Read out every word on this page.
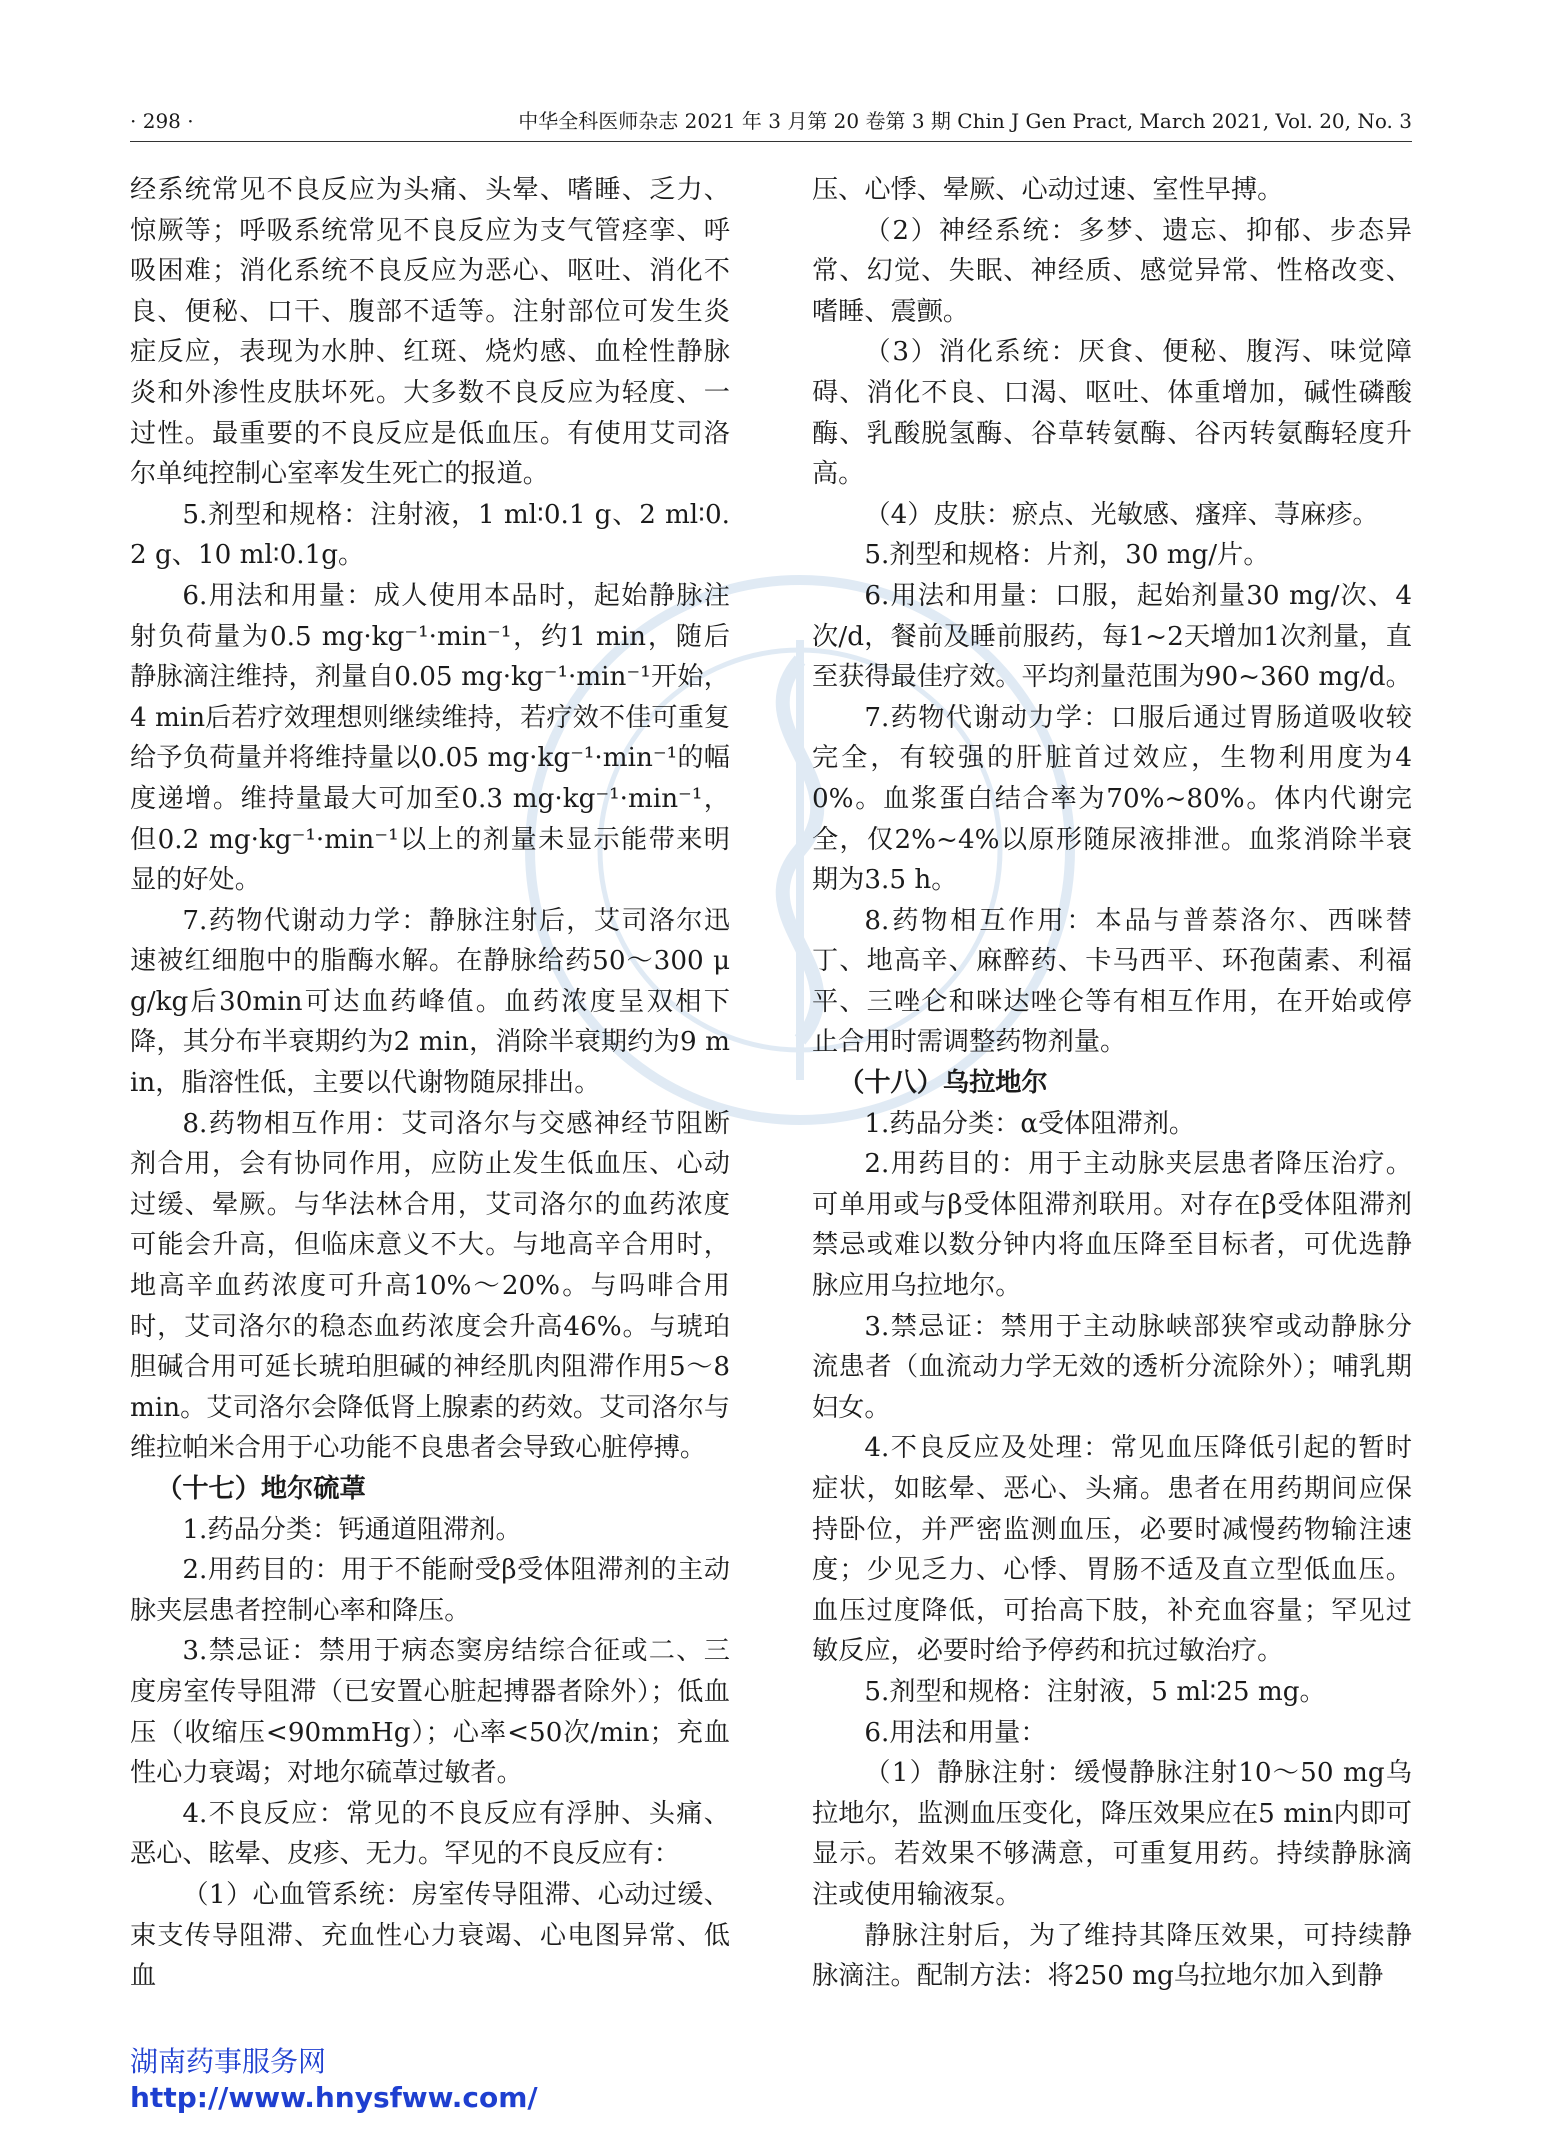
· 298 ·	中华全科医师杂志 2021 年 3 月第 20 卷第 3 期 Chin J Gen Pract, March 2021, Vol. 20, No. 3

经系统常见不良反应为头痛、头晕、嗜睡、乏力、惊厥等；呼吸系统常见不良反应为支气管痉挛、呼吸困难；消化系统不良反应为恶心、呕吐、消化不良、便秘、口干、腹部不适等。注射部位可发生炎症反应，表现为水肿、红斑、烧灼感、血栓性静脉炎和外渗性皮肤坏死。大多数不良反应为轻度、一过性。最重要的不良反应是低血压。有使用艾司洛尔单纯控制心室率发生死亡的报道。

5.剂型和规格：注射液，1 ml∶0.1 g、2 ml∶0.2 g、10 ml∶0.1g。

6.用法和用量：成人使用本品时，起始静脉注射负荷量为0.5 mg·kg⁻¹·min⁻¹，约1 min，随后静脉滴注维持，剂量自0.05 mg·kg⁻¹·min⁻¹开始，4 min后若疗效理想则继续维持，若疗效不佳可重复给予负荷量并将维持量以0.05 mg·kg⁻¹·min⁻¹的幅度递增。维持量最大可加至0.3 mg·kg⁻¹·min⁻¹，但0.2 mg·kg⁻¹·min⁻¹以上的剂量未显示能带来明显的好处。

7.药物代谢动力学：静脉注射后，艾司洛尔迅速被红细胞中的脂酶水解。在静脉给药50～300 μg/kg后30min可达血药峰值。血药浓度呈双相下降，其分布半衰期约为2 min，消除半衰期约为9 min，脂溶性低，主要以代谢物随尿排出。

8.药物相互作用：艾司洛尔与交感神经节阻断剂合用，会有协同作用，应防止发生低血压、心动过缓、晕厥。与华法林合用，艾司洛尔的血药浓度可能会升高，但临床意义不大。与地高辛合用时，地高辛血药浓度可升高10%～20%。与吗啡合用时，艾司洛尔的稳态血药浓度会升高46%。与琥珀胆碱合用可延长琥珀胆碱的神经肌肉阻滞作用5～8 min。艾司洛尔会降低肾上腺素的药效。艾司洛尔与维拉帕米合用于心功能不良患者会导致心脏停搏。

（十七）地尔硫䓬

1.药品分类：钙通道阻滞剂。

2.用药目的：用于不能耐受β受体阻滞剂的主动脉夹层患者控制心率和降压。

3.禁忌证：禁用于病态窦房结综合征或二、三度房室传导阻滞（已安置心脏起搏器者除外）；低血压（收缩压<90mmHg）；心率<50次/min；充血性心力衰竭；对地尔硫䓬过敏者。

4.不良反应：常见的不良反应有浮肿、头痛、恶心、眩晕、皮疹、无力。罕见的不良反应有：

（1）心血管系统：房室传导阻滞、心动过缓、束支传导阻滞、充血性心力衰竭、心电图异常、低血

压、心悸、晕厥、心动过速、室性早搏。

（2）神经系统：多梦、遗忘、抑郁、步态异常、幻觉、失眠、神经质、感觉异常、性格改变、嗜睡、震颤。

（3）消化系统：厌食、便秘、腹泻、味觉障碍、消化不良、口渴、呕吐、体重增加，碱性磷酸酶、乳酸脱氢酶、谷草转氨酶、谷丙转氨酶轻度升高。

（4）皮肤：瘀点、光敏感、瘙痒、荨麻疹。

5.剂型和规格：片剂，30 mg/片。

6.用法和用量：口服，起始剂量30 mg/次、4次/d，餐前及睡前服药，每1~2天增加1次剂量，直至获得最佳疗效。平均剂量范围为90~360 mg/d。

7.药物代谢动力学：口服后通过胃肠道吸收较完全，有较强的肝脏首过效应，生物利用度为40%。血浆蛋白结合率为70%~80%。体内代谢完全，仅2%~4%以原形随尿液排泄。血浆消除半衰期为3.5 h。

8.药物相互作用：本品与普萘洛尔、西咪替丁、地高辛、麻醉药、卡马西平、环孢菌素、利福平、三唑仑和咪达唑仑等有相互作用，在开始或停止合用时需调整药物剂量。

（十八）乌拉地尔

1.药品分类：α受体阻滞剂。

2.用药目的：用于主动脉夹层患者降压治疗。可单用或与β受体阻滞剂联用。对存在β受体阻滞剂禁忌或难以数分钟内将血压降至目标者，可优选静脉应用乌拉地尔。

3.禁忌证：禁用于主动脉峡部狭窄或动静脉分流患者（血流动力学无效的透析分流除外）；哺乳期妇女。

4.不良反应及处理：常见血压降低引起的暂时症状，如眩晕、恶心、头痛。患者在用药期间应保持卧位，并严密监测血压，必要时减慢药物输注速度；少见乏力、心悸、胃肠不适及直立型低血压。血压过度降低，可抬高下肢，补充血容量；罕见过敏反应，必要时给予停药和抗过敏治疗。

5.剂型和规格：注射液，5 ml∶25 mg。

6.用法和用量：

（1）静脉注射：缓慢静脉注射10～50 mg乌拉地尔，监测血压变化，降压效果应在5 min内即可显示。若效果不够满意，可重复用药。持续静脉滴注或使用输液泵。

静脉注射后，为了维持其降压效果，可持续静脉滴注。配制方法：将250 mg乌拉地尔加入到静

湖南药事服务网
http://www.hnysfww.com/
